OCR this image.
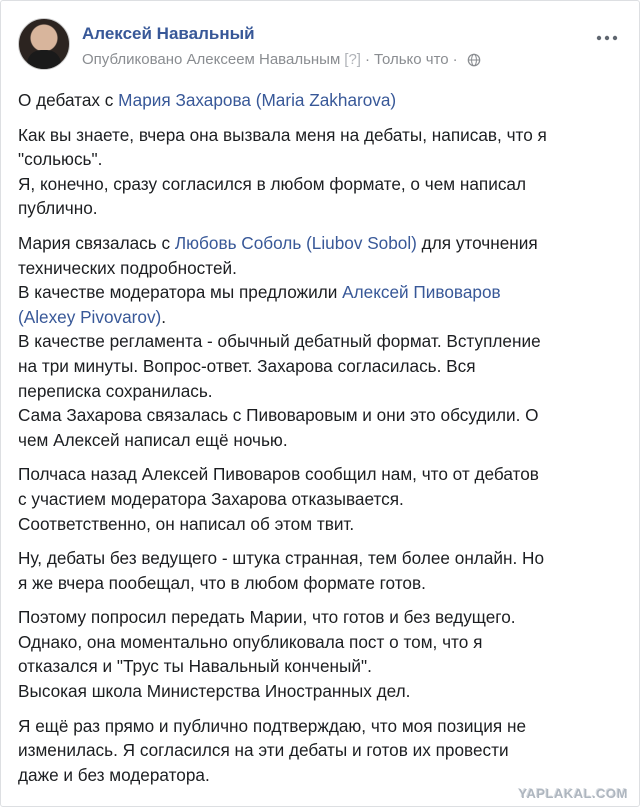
Алексей Навальный
Опубликовано Алексеем Навальным [?] · Только что ·

О дебатах с Мария Захарова (Maria Zakharova)

Как вы знаете, вчера она вызвала меня на дебаты, написав, что я
"сольюсь".
Я, конечно, сразу согласился в любом формате, о чем написал
публично.

Мария связалась с Любовь Соболь (Liubov Sobol) для уточнения
технических подробностей.
В качестве модератора мы предложили Алексей Пивоваров
(Alexey Pivovarov).
В качестве регламента - обычный дебатный формат. Вступление
на три минуты. Вопрос-ответ. Захарова согласилась. Вся
переписка сохранилась.
Сама Захарова связалась с Пивоваровым и они это обсудили. О
чем Алексей написал ещё ночью.

Полчаса назад Алексей Пивоваров сообщил нам, что от дебатов
с участием модератора Захарова отказывается.
Соответственно, он написал об этом твит.

Ну, дебаты без ведущего - штука странная, тем более онлайн. Но
я же вчера пообещал, что в любом формате готов.

Поэтому попросил передать Марии, что готов и без ведущего.
Однако, она моментально опубликовала пост о том, что я
отказался и "Трус ты Навальный конченый".
Высокая школа Министерства Иностранных дел.

Я ещё раз прямо и публично подтверждаю, что моя позиция не
изменилась. Я согласился на эти дебаты и готов их провести
даже и без модератора.

YAPLAKAL.COM
